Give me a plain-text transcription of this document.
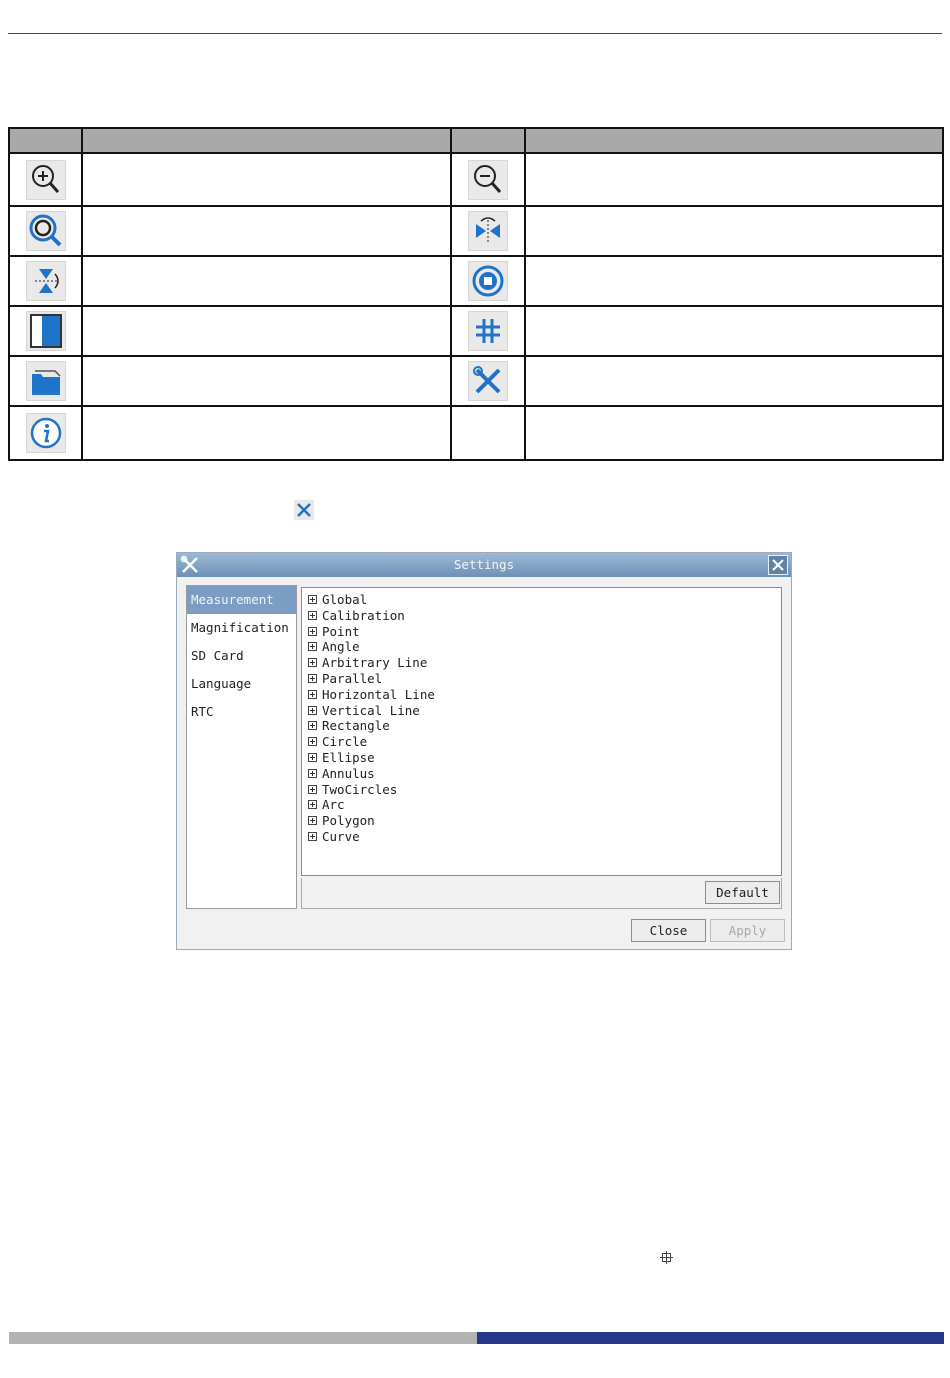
Settings
Measurement
Magnification
SD Card
Language
RTC
Global
Calibration
Point
Angle
Arbitrary Line
Parallel
Horizontal Line
Vertical Line
Rectangle
Circle
Ellipse
Annulus
TwoCircles
Arc
Polygon
Curve
Default
Close	Apply
